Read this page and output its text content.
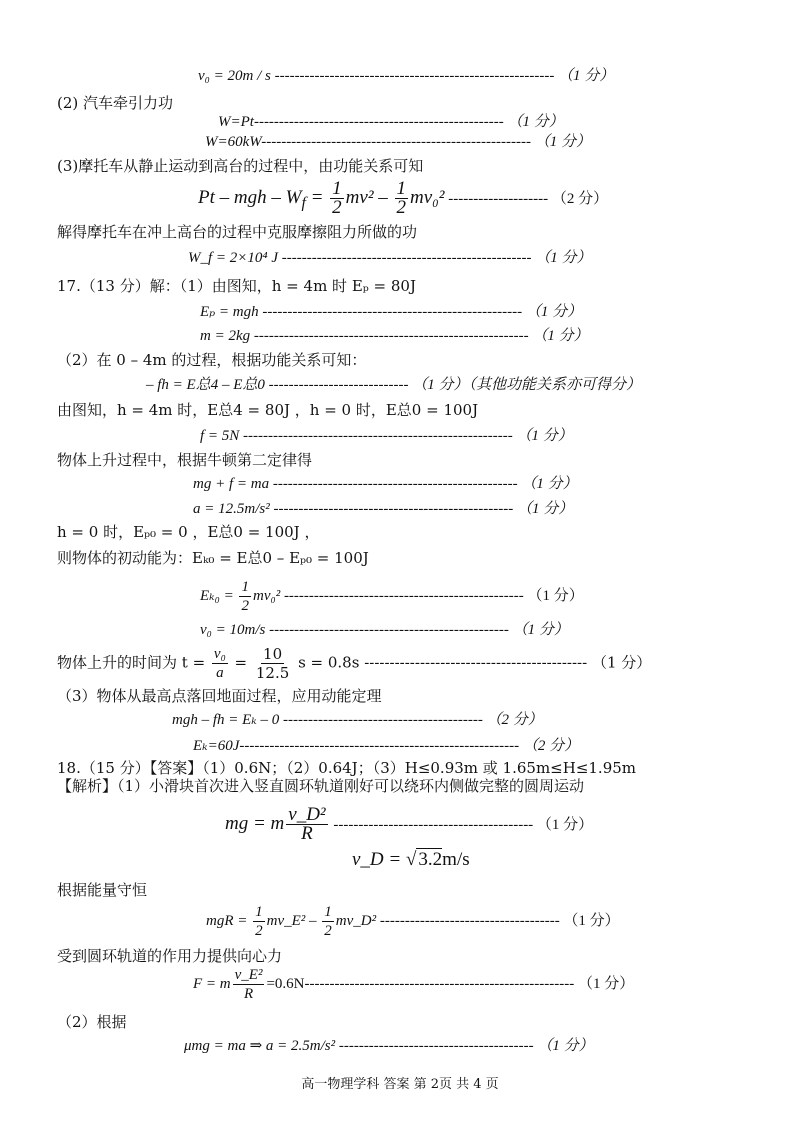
v₀ = 20m / s -------------------------------------------------------- （1 分）
(2) 汽车牵引力功
W=Pt-------------------------------------------------- （1 分）
W=60kW------------------------------------------------------ （1 分）
(3)摩托车从静止运动到高台的过程中，由功能关系可知
Pt – mgh – $W_f = \frac{1}{2} mv^2 - \frac{1}{2} mv_0^2$ -------------------- （2 分）
解得摩托车在冲上高台的过程中克服摩擦阻力所做的功
W_f = 2×10⁴ J -------------------------------------------------- （1 分）
17.（13 分）解：（1）由图知，h = 4m 时 Eₚ = 80J
Eₚ = mgh ---------------------------------------------------- （1 分）
m = 2kg ------------------------------------------------------- （1 分）
（2）在 0 – 4m 的过程，根据功能关系可知：
– fh = E总4 – E总0 ---------------------------- （1 分）（其他功能关系亦可得分）
由图知，h = 4m 时，E总4 = 80J ，h = 0 时，E总0 = 100J
f = 5N ------------------------------------------------------ （1 分）
物体上升过程中，根据牛顿第二定律得
mg + f = ma ------------------------------------------------- （1 分）
a = 12.5m/s² ------------------------------------------------ （1 分）
h = 0 时，Eₚ₀ = 0 ，E总0 = 100J ，
则物体的初动能为：Eₖ₀ = E总0 – Eₚ₀ = 100J
$E_{k0} = \frac{1}{2} mv_0^2$ ------------------------------------------------ （1 分）
v₀ = 10m/s ------------------------------------------------ （1 分）
物体上升的时间为 $t = \frac{\text{v₀}}{a} = \frac{10}{12.5}$ s = 0.8s -------------------------------------------- （1 分）
（3）物体从最高点落回地面过程，应用动能定理
mgh – fh = Eₖ – 0 ---------------------------------------- （2 分）
Eₖ=60J-------------------------------------------------------- （2 分）
18.（15 分）【答案】（1）0.6N；（2）0.64J；（3）H≤0.93m 或 1.65m≤H≤1.95m
【解析】（1）小滑块首次进入竖直圆环轨道刚好可以绕环内侧做完整的圆周运动
mg = m $\frac{\text{v\_D²}}{R}$ ---------------------------------------- （1 分）
v_D = √ 3.2m/s
根据能量守恒
mgR = $\frac{1}{2}$ mv_E² – $\frac{1}{2}$ mv_D² ------------------------------------ （1 分）
受到圆环轨道的作用力提供向心力
F = m $\frac{\text{v\_E²}}{R} =0.6N------------------------------------------------------$ （1 分）
（2）根据
μmg = ma ⇒ a = 2.5m/s² --------------------------------------- （1 分）
高一物理学科 答案 第 2页 共 4 页
